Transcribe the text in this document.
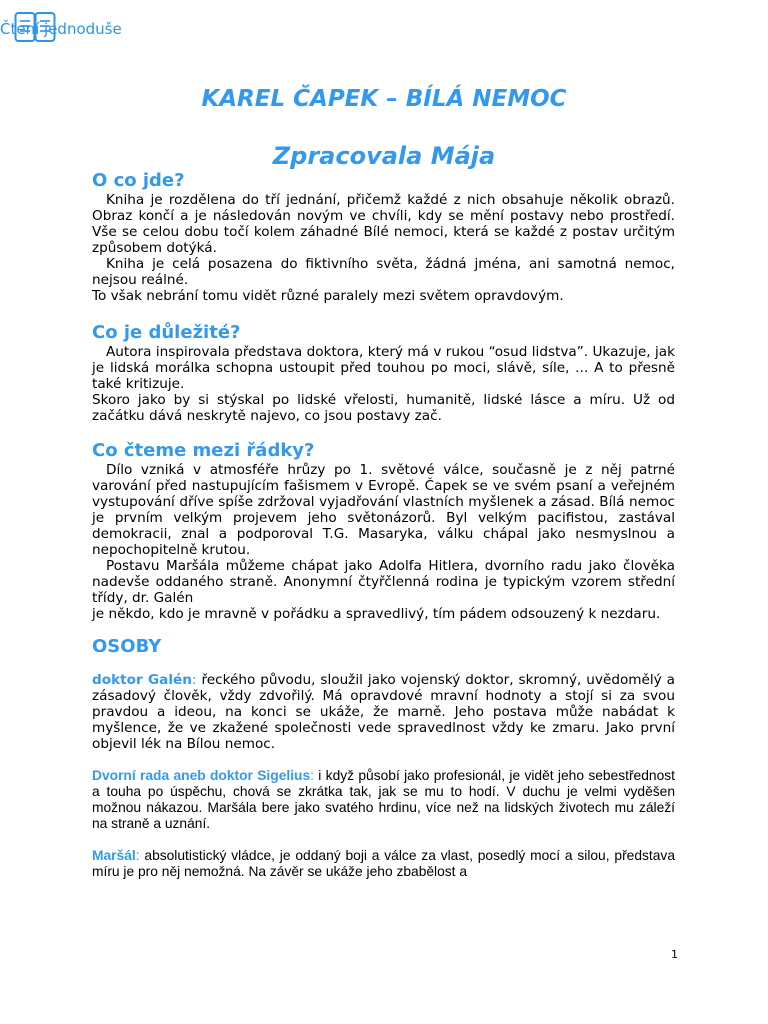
Čtení jednoduše
KAREL ČAPEK – BÍLÁ NEMOC
Zpracovala Mája
O co jde?

Kniha je rozdělena do tří jednání, přičemž každé z nich obsahuje několik obrazů. Obraz končí a je následován novým ve chvíli, kdy se mění postavy nebo prostředí. Vše se celou dobu točí kolem záhadné Bílé nemoci, která se každé z postav určitým způsobem dotýká.

Kniha je celá posazena do fiktivního světa, žádná jména, ani samotná nemoc, nejsou reálné.

To však nebrání tomu vidět různé paralely mezi světem opravdovým.

Co je důležité?

Autora inspirovala představa doktora, který má v rukou “osud lidstva”. Ukazuje, jak je lidská morálka schopna ustoupit před touhou po moci, slávě, síle, ... A to přesně také kritizuje.

Skoro jako by si stýskal po lidské vřelosti, humanitě, lidské lásce a míru. Už od začátku dává neskrytě najevo, co jsou postavy zač.

Co čteme mezi řádky?

Dílo vzniká v atmosféře hrůzy po 1. světové válce, současně je z něj patrné varování před nastupujícím fašismem v Evropě. Čapek se ve svém psaní a veřejném vystupování dříve spíše zdržoval vyjadřování vlastních myšlenek a zásad. Bílá nemoc je prvním velkým projevem jeho světonázorů. Byl velkým pacifistou, zastával demokracii, znal a podporoval T.G. Masaryka, válku chápal jako nesmyslnou a nepochopitelně krutou.

Postavu Maršála můžeme chápat jako Adolfa Hitlera, dvorního radu jako člověka nadevše oddaného straně. Anonymní čtyřčlenná rodina je typickým vzorem střední třídy, dr. Galén

je někdo, kdo je mravně v pořádku a spravedlivý, tím pádem odsouzený k nezdaru.

OSOBY

doktor Galén: řeckého původu, sloužil jako vojenský doktor, skromný, uvědomělý a zásadový člověk, vždy zdvořilý. Má opravdové mravní hodnoty a stojí si za svou pravdou a ideou, na konci se ukáže, že marně. Jeho postava může nabádat k myšlence, že ve zkažené společnosti vede spravedlnost vždy ke zmaru. Jako první objevil lék na Bílou nemoc.

Dvorní rada aneb doktor Sigelius: i když působí jako profesionál, je vidět jeho sebestřednost a touha po úspěchu, chová se zkrátka tak, jak se mu to hodí. V duchu je velmi vyděšen možnou nákazou. Maršála bere jako svatého hrdinu, více než na lidských životech mu záleží na straně a uznání.

Maršál: absolutistický vládce, je oddaný boji a válce za vlast, posedlý mocí a silou, představa míru je pro něj nemožná. Na závěr se ukáže jeho zbabělost a

1
